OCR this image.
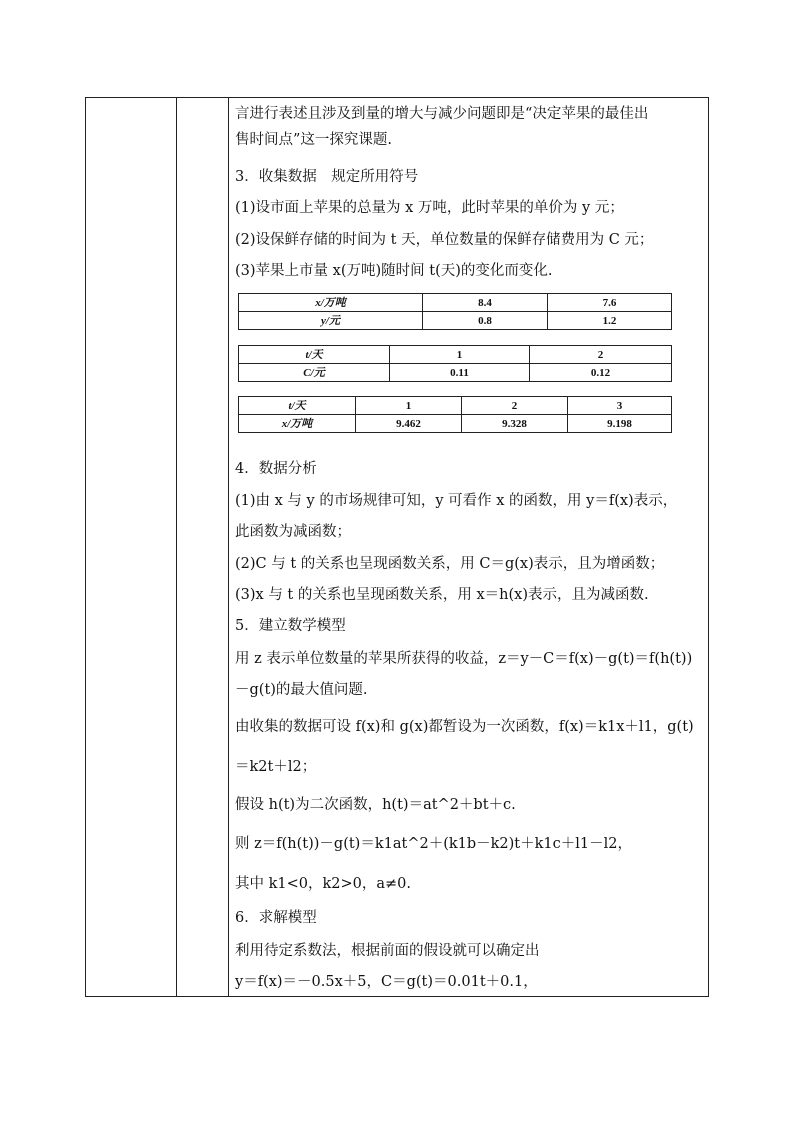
言进行表述且涉及到量的增大与减少问题即是“决定苹果的最佳出
售时间点”这一探究课题.
3．收集数据　规定所用符号
(1)设市面上苹果的总量为 x 万吨，此时苹果的单价为 y 元；
(2)设保鲜存储的时间为 t 天，单位数量的保鲜存储费用为 C 元；
(3)苹果上市量 x(万吨)随时间 t(天)的变化而变化.
x/万吨	8.4	7.6
y/元	0.8	1.2
t/天	1	2
C/元	0.11	0.12
t/天	1	2	3
x/万吨	9.462	9.328	9.198
4．数据分析
(1)由 x 与 y 的市场规律可知，y 可看作 x 的函数，用 y＝f(x)表示，
此函数为减函数；
(2)C 与 t 的关系也呈现函数关系，用 C＝g(x)表示，且为增函数；
(3)x 与 t 的关系也呈现函数关系，用 x＝h(x)表示，且为减函数.
5．建立数学模型
用 z 表示单位数量的苹果所获得的收益，z＝y－C＝f(x)－g(t)＝f(h(t))
－g(t)的最大值问题.
由收集的数据可设 f(x)和 g(x)都暂设为一次函数，f(x)＝k1x＋l1，g(t)
＝k2t＋l2；
假设 h(t)为二次函数，h(t)＝at^2＋bt＋c.
则 z＝f(h(t))－g(t)＝k1at^2＋(k1b－k2)t＋k1c＋l1－l2，
其中 k1<0，k2>0，a≠0.
6．求解模型
利用待定系数法，根据前面的假设就可以确定出
y＝f(x)＝－0.5x＋5，C＝g(t)＝0.01t＋0.1，
